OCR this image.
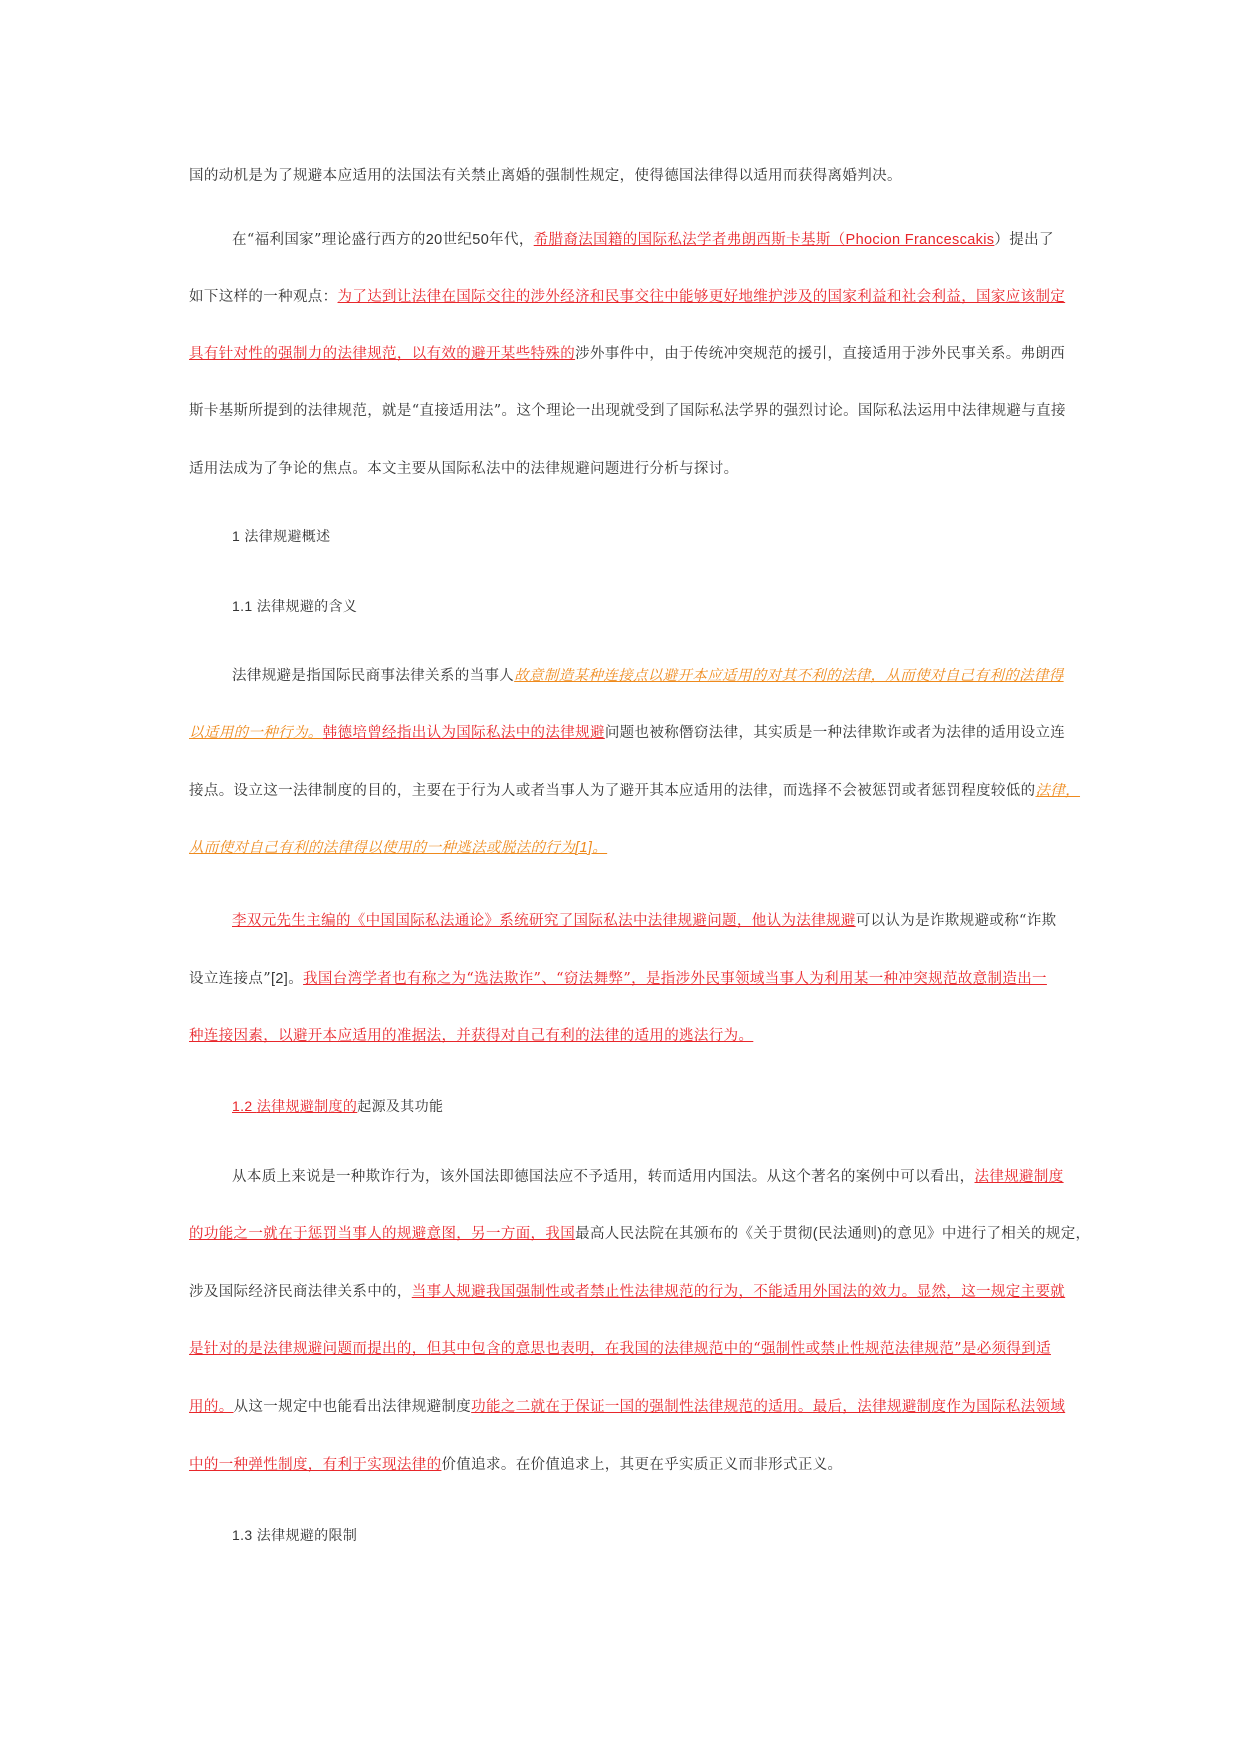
国的动机是为了规避本应适用的法国法有关禁止离婚的强制性规定，使得德国法律得以适用而获得离婚判决。
在“福利国家”理论盛行西方的20世纪50年代，希腊裔法国籍的国际私法学者弗朗西斯卡基斯（Phocion Francescakis）提出了
如下这样的一种观点：为了达到让法律在国际交往的涉外经济和民事交往中能够更好地维护涉及的国家利益和社会利益，国家应该制定
具有针对性的强制力的法律规范，以有效的避开某些特殊的涉外事件中，由于传统冲突规范的援引，直接适用于涉外民事关系。弗朗西
斯卡基斯所提到的法律规范，就是“直接适用法”。这个理论一出现就受到了国际私法学界的强烈讨论。国际私法运用中法律规避与直接
适用法成为了争论的焦点。本文主要从国际私法中的法律规避问题进行分析与探讨。
1 法律规避概述
1.1 法律规避的含义
法律规避是指国际民商事法律关系的当事人故意制造某种连接点以避开本应适用的对其不利的法律，从而使对自己有利的法律得
以适用的一种行为。韩德培曾经指出认为国际私法中的法律规避问题也被称僭窃法律，其实质是一种法律欺诈或者为法律的适用设立连
接点。设立这一法律制度的目的，主要在于行为人或者当事人为了避开其本应适用的法律，而选择不会被惩罚或者惩罚程度较低的法律，
从而使对自己有利的法律得以使用的一种逃法或脱法的行为[1]。
李双元先生主编的《中国国际私法通论》系统研究了国际私法中法律规避问题，他认为法律规避可以认为是诈欺规避或称“诈欺
设立连接点”[2]。我国台湾学者也有称之为“选法欺诈”、“窃法舞弊”，是指涉外民事领域当事人为利用某一种冲突规范故意制造出一
种连接因素，以避开本应适用的准据法，并获得对自己有利的法律的适用的逃法行为。
1.2 法律规避制度的起源及其功能
从本质上来说是一种欺诈行为，该外国法即德国法应不予适用，转而适用内国法。从这个著名的案例中可以看出，法律规避制度
的功能之一就在于惩罚当事人的规避意图，另一方面，我国最高人民法院在其颁布的《关于贯彻(民法通则)的意见》中进行了相关的规定，
涉及国际经济民商法律关系中的，当事人规避我国强制性或者禁止性法律规范的行为，不能适用外国法的效力。显然，这一规定主要就
是针对的是法律规避问题而提出的，但其中包含的意思也表明，在我国的法律规范中的“强制性或禁止性规范法律规范”是必须得到适
用的。从这一规定中也能看出法律规避制度功能之二就在于保证一国的强制性法律规范的适用。最后，法律规避制度作为国际私法领域
中的一种弹性制度，有利于实现法律的价值追求。在价值追求上，其更在乎实质正义而非形式正义。
1.3 法律规避的限制
